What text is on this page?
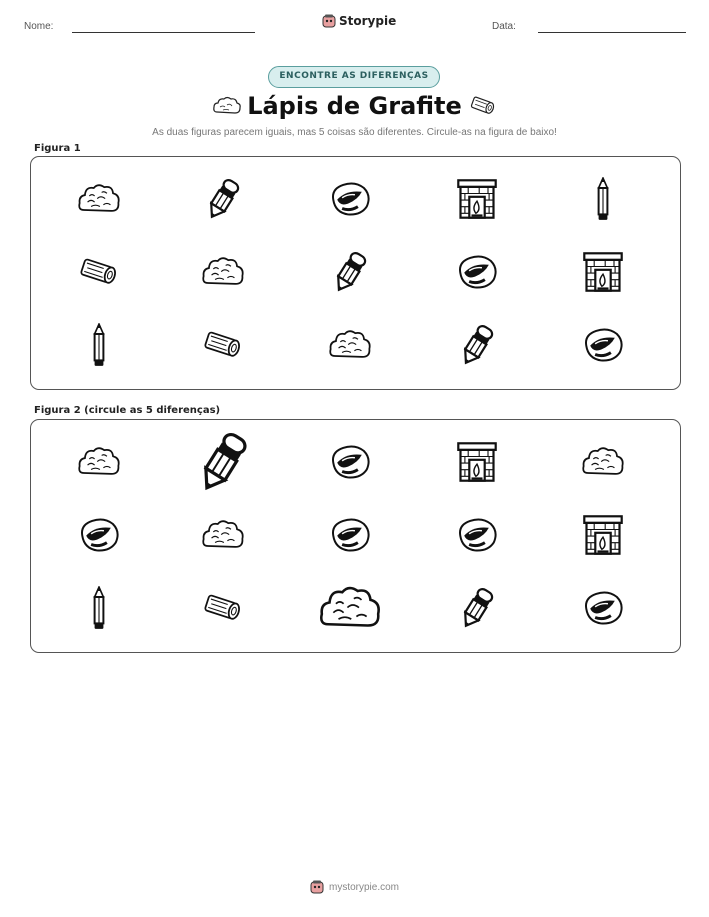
Nome:	Storypie	Data:
ENCONTRE AS DIFERENÇAS
Lápis de Grafite
As duas figuras parecem iguais, mas 5 coisas são diferentes. Circule-as na figura de baixo!
Figura 1
Figura 2 (circule as 5 diferenças)
mystorypie.com
